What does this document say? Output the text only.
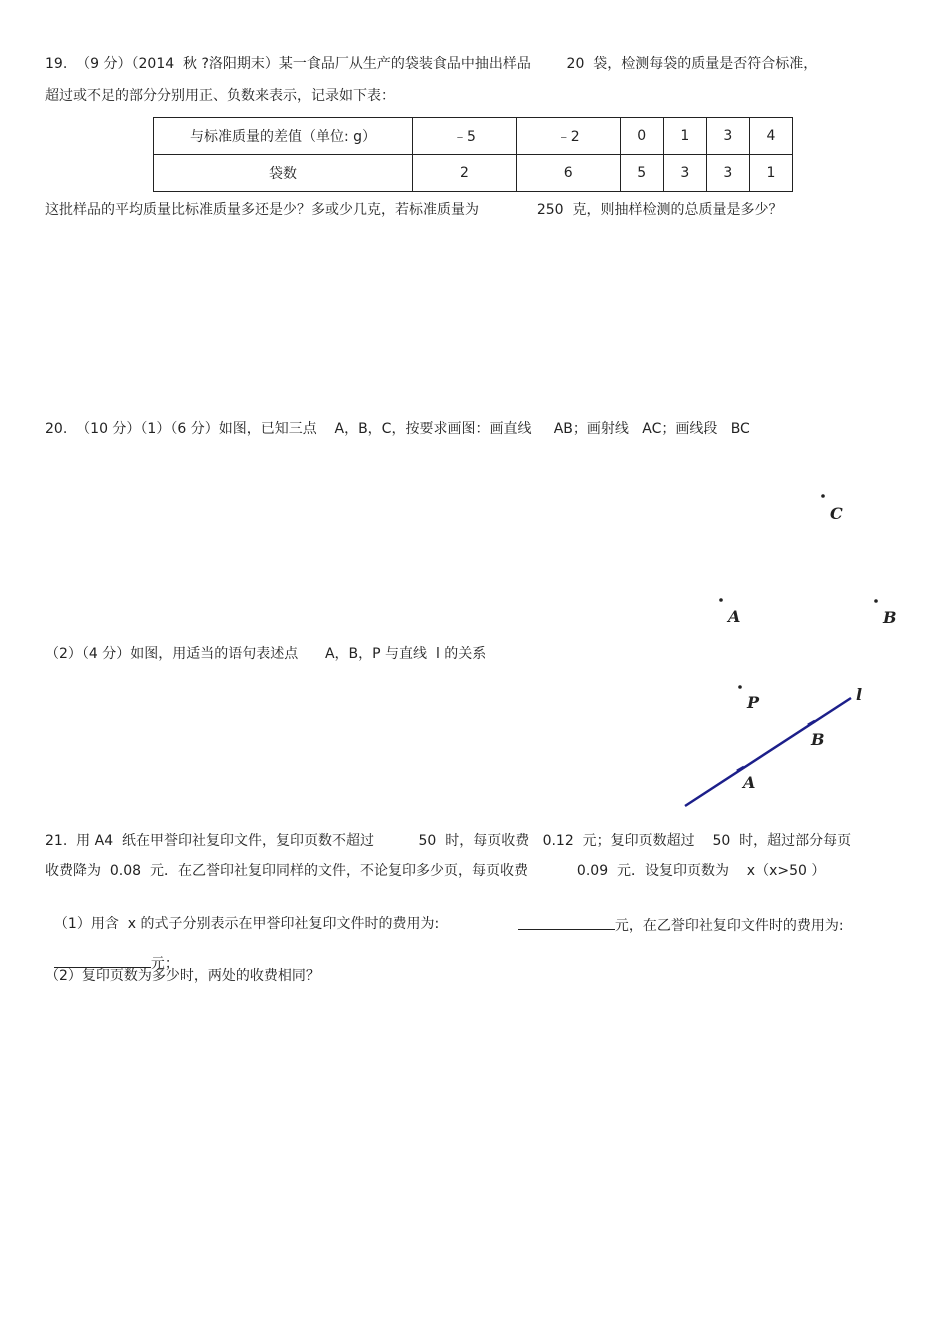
19.  （9 分）（2014  秋 ?洛阳期末）某一食品厂从生产的袋装食品中抽出样品        20  袋，检测每袋的质量是否符合标准，
超过或不足的部分分别用正、负数来表示，记录如下表：
与标准质量的差值（单位: g）	﹣5	﹣2	0	1	3	4
袋数	2	6	5	3	3	1
这批样品的平均质量比标准质量多还是少？多或少几克，若标准质量为             250  克，则抽样检测的总质量是多少？
20.  （10 分）（1）（6 分）如图，已知三点    A，B，C，按要求画图：画直线     AB；画射线   AC；画线段   BC
（2）（4 分）如图，用适当的语句表述点      A，B，P 与直线  l 的关系
C
A	B
P
A
B
l
21.  用 A4  纸在甲誉印社复印文件，复印页数不超过          50  时，每页收费   0.12  元；复印页数超过    50  时，超过部分每页
收费降为  0.08  元．在乙誉印社复印同样的文件，不论复印多少页，每页收费           0.09  元．设复印页数为    x（x>50 ）

（1）用含  x 的式子分别表示在甲誉印社复印文件时的费用为:	元，在乙誉印社复印文件时的费用为:

元；

（2）复印页数为多少时，两处的收费相同？
